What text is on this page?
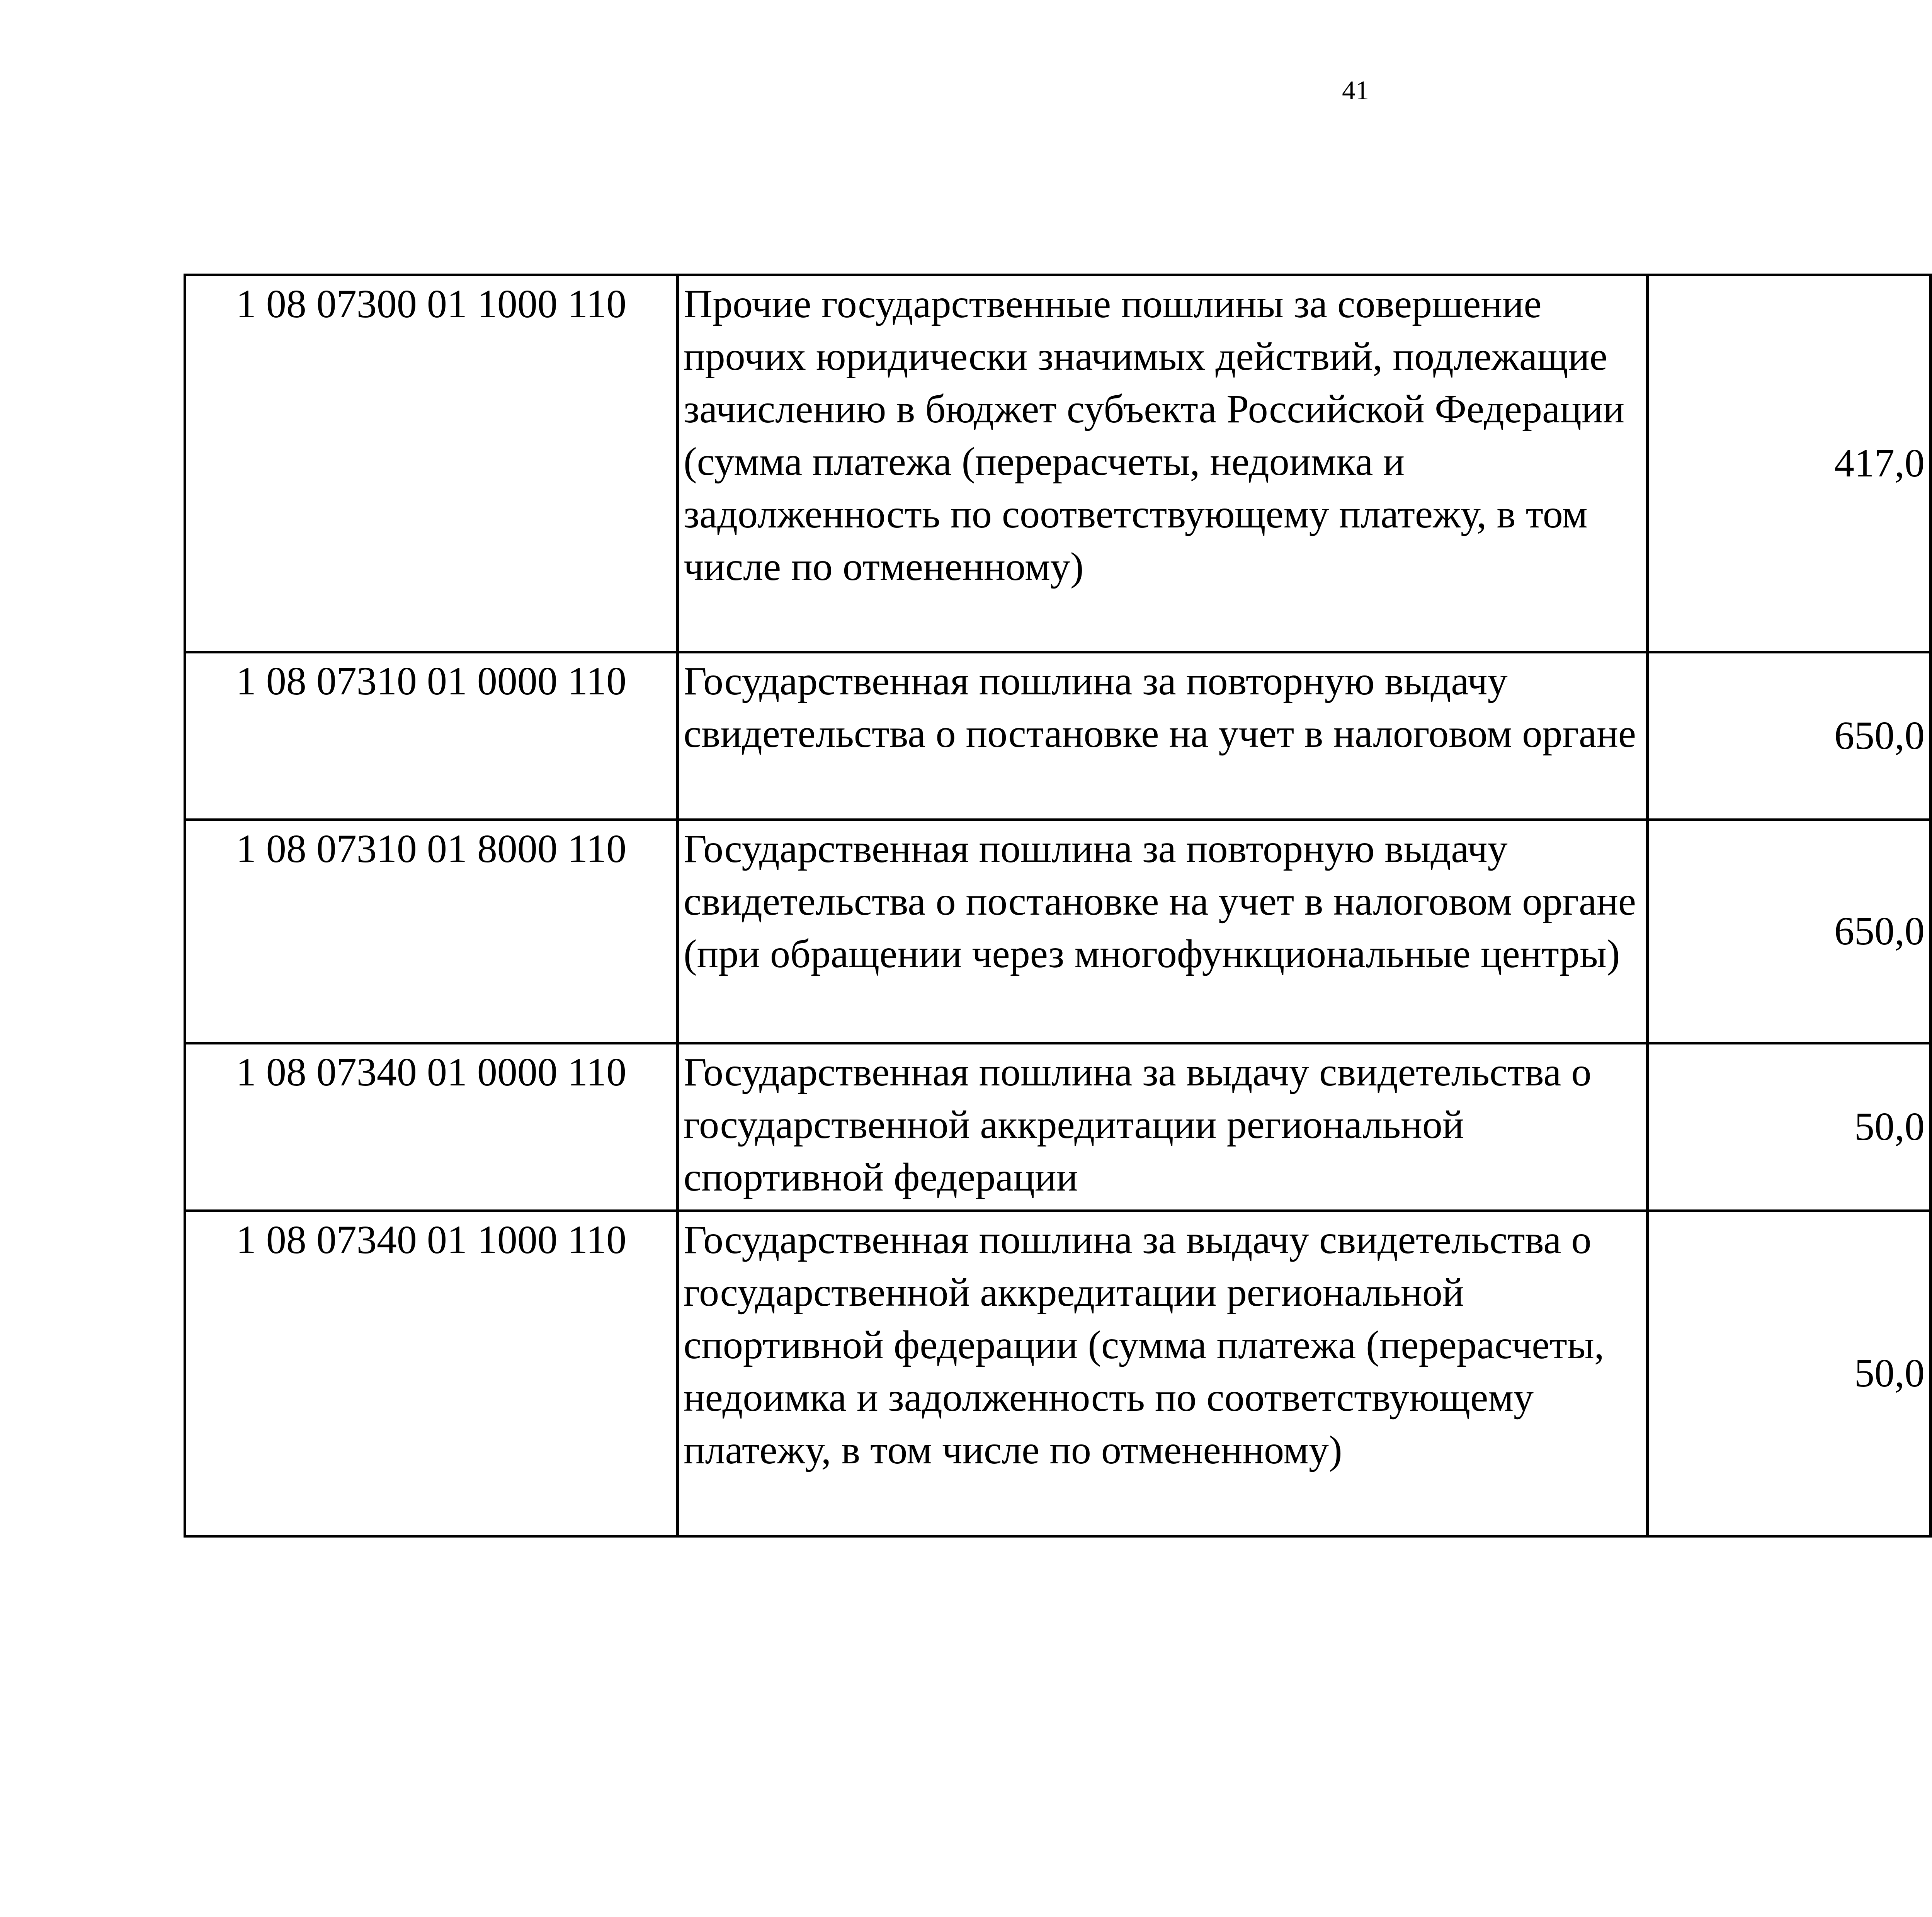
41
1 08 07300 01 1000 110	Прочие государственные пошлины за совершение прочих юридически значимых действий, подлежащие зачислению в бюджет субъекта Российской Федерации (сумма платежа (перерасчеты, недоимка и задолженность по соответствующему платежу, в том числе по отмененному)	417,0		
1 08 07310 01 0000 110	Государственная пошлина за повторную выдачу свидетельства о постановке на учет в налоговом органе	650,0		
1 08 07310 01 8000 110	Государственная пошлина за повторную выдачу свидетельства о постановке на учет в налоговом органе (при обращении через многофункциональные центры)	650,0		
1 08 07340 01 0000 110	Государственная пошлина за выдачу свидетельства о государственной аккредитации региональной спортивной федерации	50,0		
1 08 07340 01 1000 110	Государственная пошлина за выдачу свидетельства о государственной аккредитации региональной спортивной федерации (сумма платежа (перерасчеты, недоимка и задолженность по соответствующему платежу, в том числе по отмененному)	50,0		
